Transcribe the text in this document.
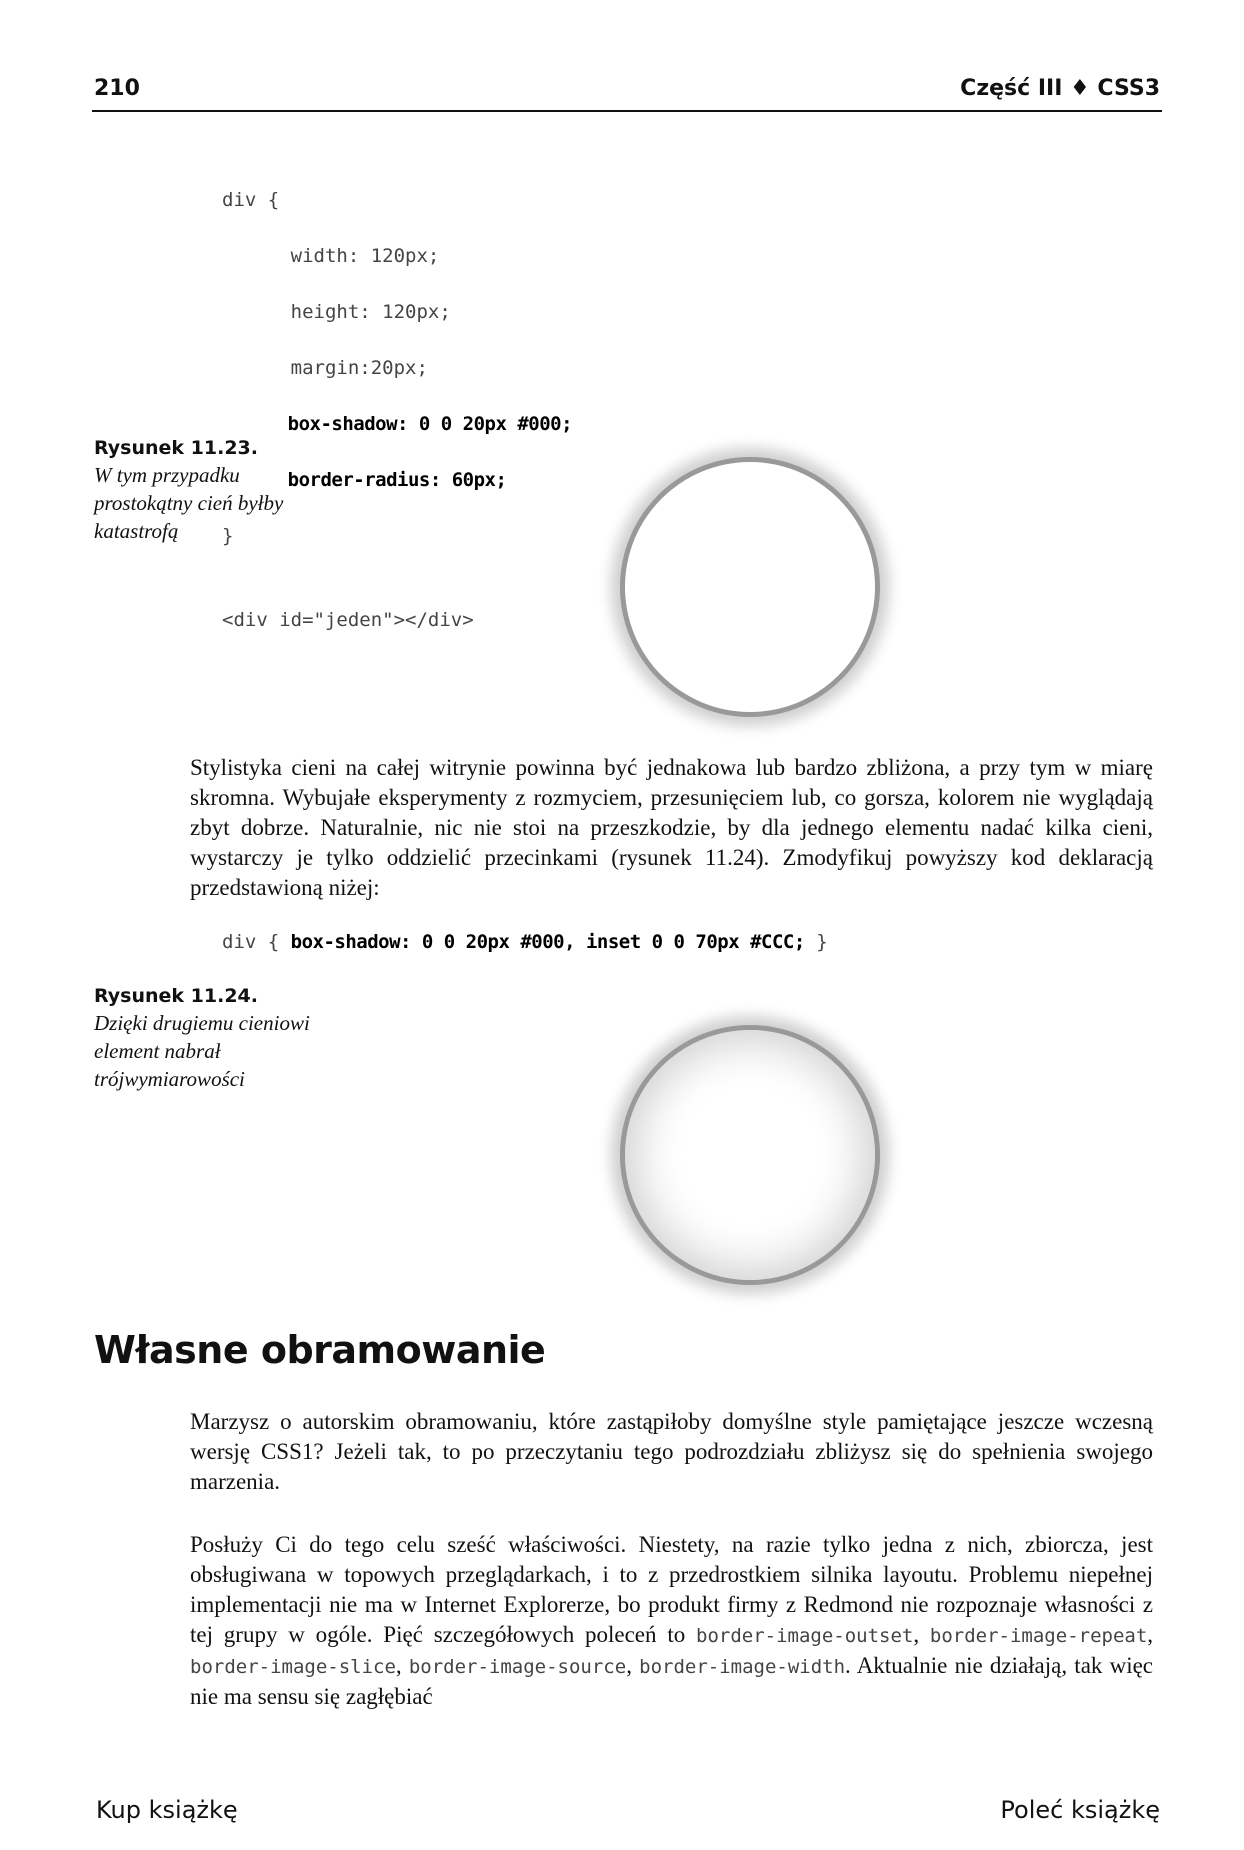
210	Część III ♦ CSS3

div {

width: 120px;

height: 120px;

margin:20px;

box-shadow: 0 0 20px #000;

border-radius: 60px;

}

<div id="jeden"></div>

Rysunek 11.23.
W tym przypadku prostokątny cień byłby katastrofą
Stylistyka cieni na całej witrynie powinna być jednakowa lub bardzo zbliżona, a przy tym w miarę skromna. Wybujałe eksperymenty z rozmyciem, przesunięciem lub, co gorsza, kolorem nie wyglądają zbyt dobrze. Naturalnie, nic nie stoi na przeszkodzie, by dla jednego elementu nadać kilka cieni, wystarczy je tylko oddzielić przecinkami (rysunek 11.24). Zmodyfikuj powyższy kod deklaracją przedstawioną niżej:
div { box-shadow: 0 0 20px #000, inset 0 0 70px #CCC; }
Rysunek 11.24.
Dzięki drugiemu cieniowi element nabrał trójwymiarowości
Własne obramowanie
Marzysz o autorskim obramowaniu, które zastąpiłoby domyślne style pamiętające jeszcze wczesną wersję CSS1? Jeżeli tak, to po przeczytaniu tego podrozdziału zbliżysz się do spełnienia swojego marzenia.
Posłuży Ci do tego celu sześć właściwości. Niestety, na razie tylko jedna z nich, zbiorcza, jest obsługiwana w topowych przeglądarkach, i to z przedrostkiem silnika layoutu. Problemu niepełnej implementacji nie ma w Internet Explorerze, bo produkt firmy z Redmond nie rozpoznaje własności z tej grupy w ogóle. Pięć szczegółowych poleceń to border-image-outset, border-image-repeat, border-image-slice, border-image-source, border-image-width. Aktualnie nie działają, tak więc nie ma sensu się zagłębiać
Kup książkę	Poleć książkę
